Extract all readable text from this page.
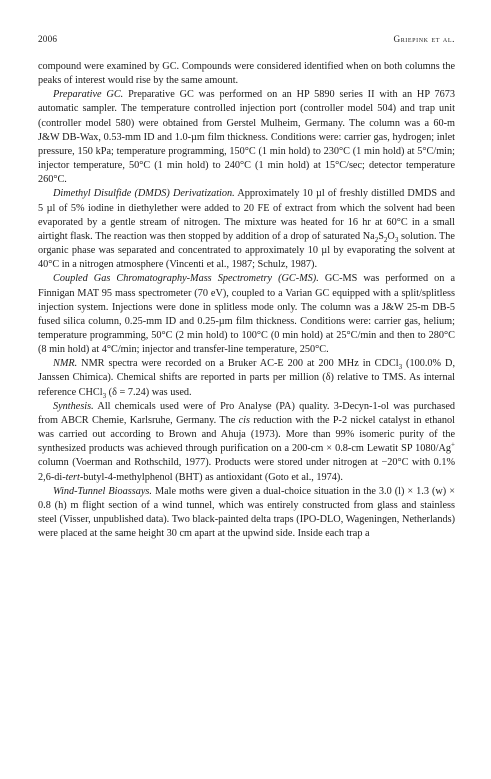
2006	Griepink et al.

compound were examined by GC. Compounds were considered identified when on both columns the peaks of interest would rise by the same amount.

Preparative GC. Preparative GC was performed on an HP 5890 series II with an HP 7673 automatic sampler. The temperature controlled injection port (controller model 504) and trap unit (controller model 580) were obtained from Gerstel Mulheim, Germany. The column was a 60-m J&W DB-Wax, 0.53-mm ID and 1.0-µm film thickness. Conditions were: carrier gas, hydrogen; inlet pressure, 150 kPa; temperature programming, 150°C (1 min hold) to 230°C (1 min hold) at 5°C/min; injector temperature, 50°C (1 min hold) to 240°C (1 min hold) at 15°C/sec; detector temperature 260°C.

Dimethyl Disulfide (DMDS) Derivatization. Approximately 10 µl of freshly distilled DMDS and 5 µl of 5% iodine in diethylether were added to 20 FE of extract from which the solvent had been evaporated by a gentle stream of nitrogen. The mixture was heated for 16 hr at 60°C in a small airtight flask. The reaction was then stopped by addition of a drop of saturated $Na_2S_2O_3$ solution. The organic phase was separated and concentrated to approximately 10 µl by evaporating the solvent at 40°C in a nitrogen atmosphere (Vincenti et al., 1987; Schulz, 1987).

Coupled Gas Chromatography-Mass Spectrometry (GC-MS). GC-MS was performed on a Finnigan MAT 95 mass spectrometer (70 eV), coupled to a Varian GC equipped with a split/splitless injection system. Injections were done in splitless mode only. The column was a J&W 25-m DB-5 fused silica column, 0.25-mm ID and 0.25-µm film thickness. Conditions were: carrier gas, helium; temperature programming, 50°C (2 min hold) to 100°C (0 min hold) at 25°C/min and then to 280°C (8 min hold) at 4°C/min; injector and transfer-line temperature, 250°C.

NMR. NMR spectra were recorded on a Bruker AC-E 200 at 200 MHz in CDCl$_3$ (100.0% D, Janssen Chimica). Chemical shifts are reported in parts per million (δ) relative to TMS. As internal reference CHCl$_3$ (δ = 7.24) was used.

Synthesis. All chemicals used were of Pro Analyse (PA) quality. 3-Decyn-1-ol was purchased from ABCR Chemie, Karlsruhe, Germany. The cis reduction with the P-2 nickel catalyst in ethanol was carried out according to Brown and Ahuja (1973). More than 99% isomeric purity of the synthesized products was achieved through purification on a 200-cm × 0.8-cm Lewatit SP 1080/Ag+ column (Voerman and Rothschild, 1977). Products were stored under nitrogen at −20°C with 0.1% 2,6-di-tert-butyl-4-methylphenol (BHT) as antioxidant (Goto et al., 1974).

Wind-Tunnel Bioassays. Male moths were given a dual-choice situation in the 3.0 (l) × 1.3 (w) × 0.8 (h) m flight section of a wind tunnel, which was entirely constructed from glass and stainless steel (Visser, unpublished data). Two black-painted delta traps (IPO-DLO, Wageningen, Netherlands) were placed at the same height 30 cm apart at the upwind side. Inside each trap a
